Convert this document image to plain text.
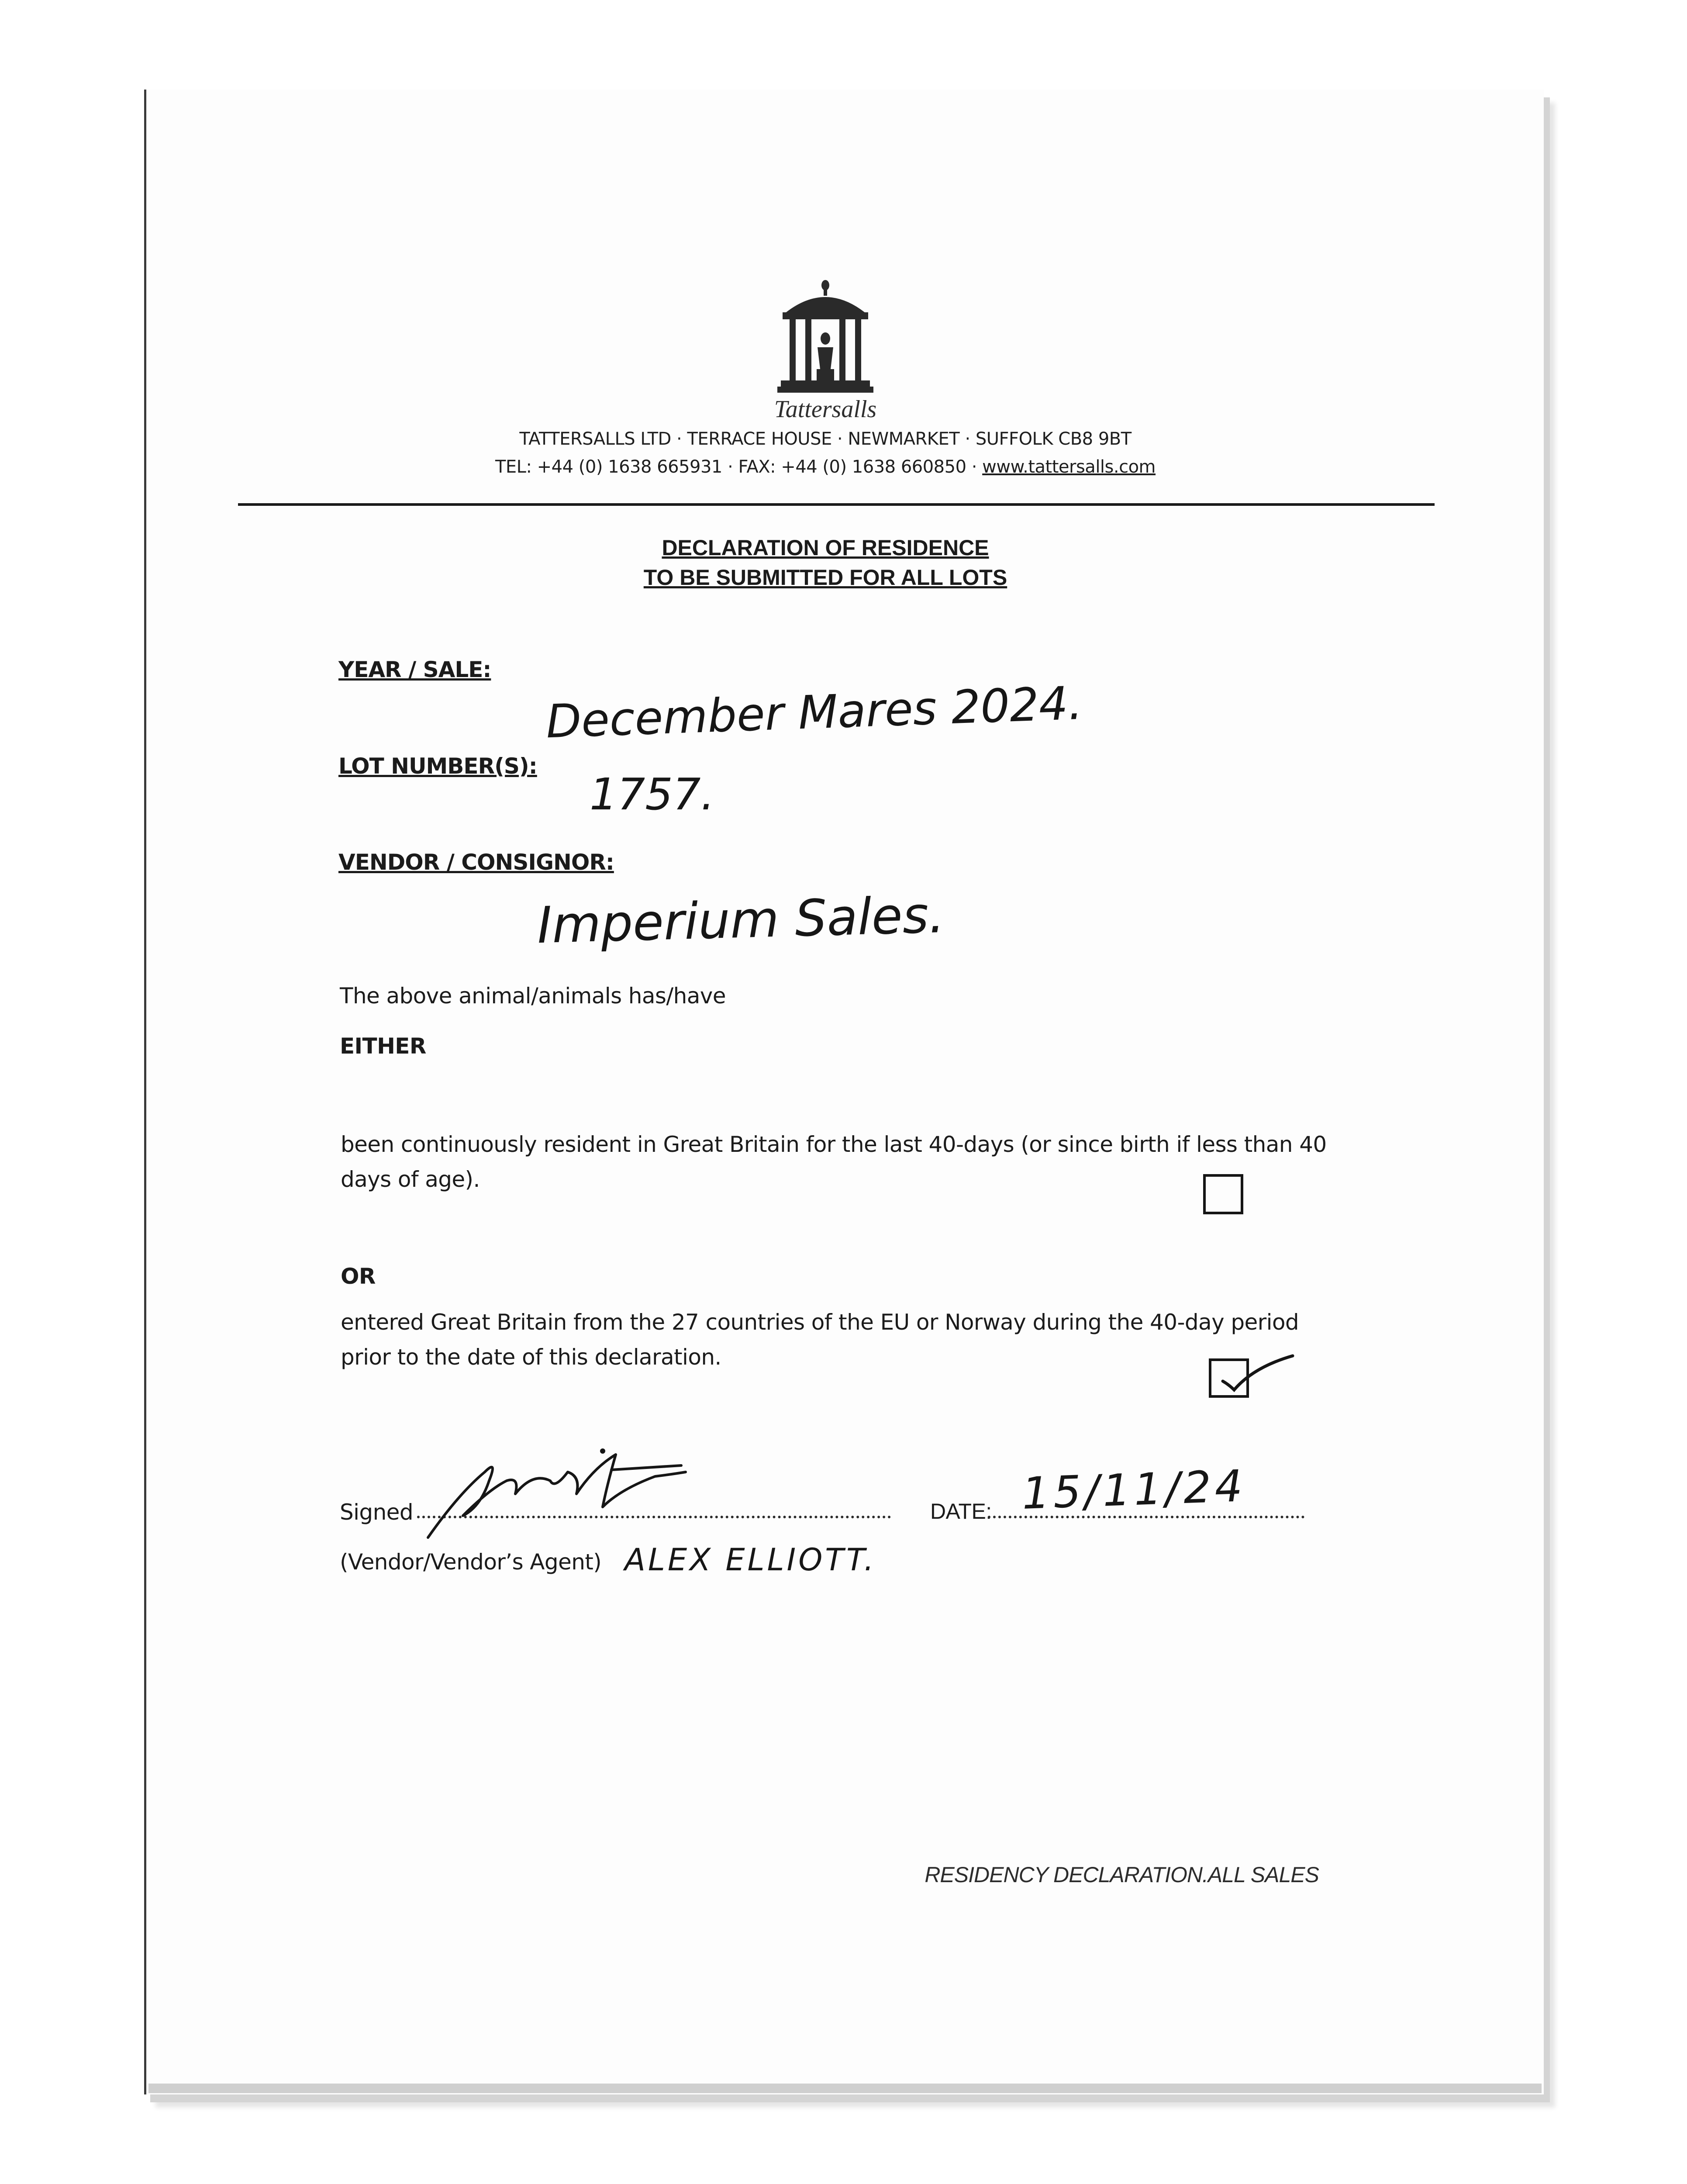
Tattersalls
TATTERSALLS LTD · TERRACE HOUSE · NEWMARKET · SUFFOLK CB8 9BT
TEL: +44 (0) 1638 665931 · FAX: +44 (0) 1638 660850 · www.tattersalls.com
DECLARATION OF RESIDENCE
TO BE SUBMITTED FOR ALL LOTS
YEAR / SALE:
December Mares 2024.
LOT NUMBER(S):
1757.
VENDOR / CONSIGNOR:
Imperium Sales.
The above animal/animals has/have
EITHER
been continuously resident in Great Britain for the last 40-days (or since birth if less than 40
days of age).
OR
entered Great Britain from the 27 countries of the EU or Norway during the 40-day period
prior to the date of this declaration.
Signed	DATE: 15/11/24
(Vendor/Vendor’s Agent) ALEX ELLIOTT.
RESIDENCY DECLARATION.ALL SALES
